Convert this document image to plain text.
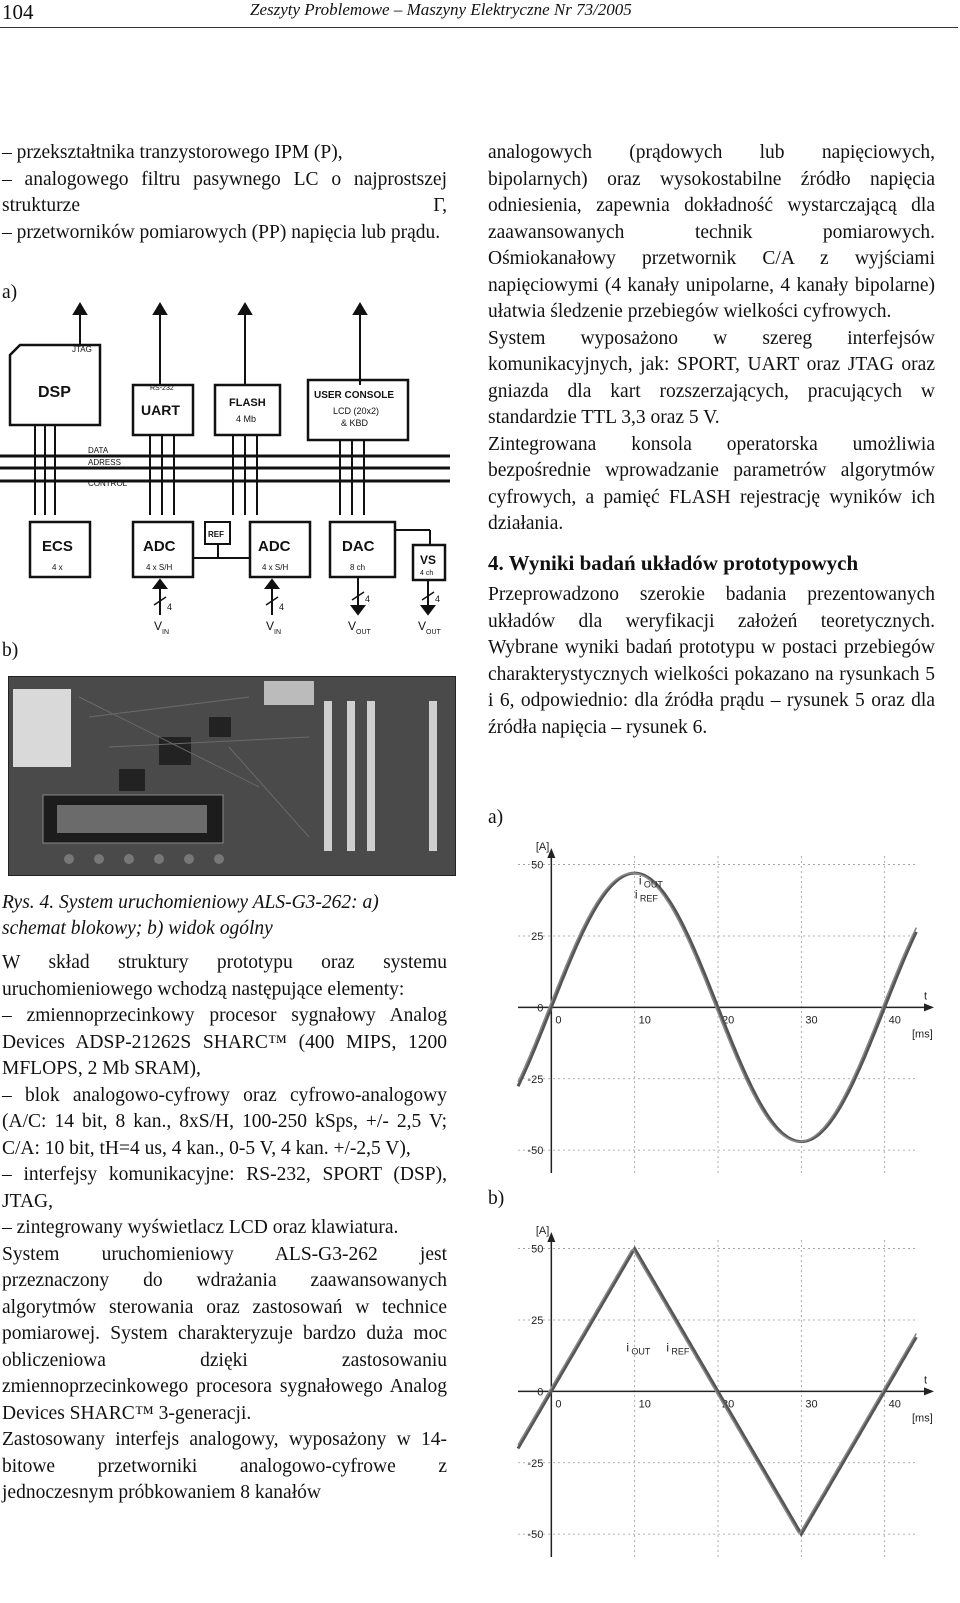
104	Zeszyty Problemowe – Maszyny Elektryczne Nr 73/2005

– przekształtnika tranzystorowego IPM (P),

– analogowego filtru pasywnego LC o najprostszej strukturze Γ,

– przetworników pomiarowych (PP) napięcia lub prądu.

a)
JTAG
DSP	RS-232
UART	FLASH
4 Mb
USER CONSOLE
LCD (20x2)
& KBD
DATA
ADRESS
CONTROL
ECS
4 x
ADC
4 x S/H
REF
ADC
4 x S/H
DAC
8 ch
VS
4 ch
4	4
4	4
V IN	V IN	V OUT	V OUT
b)
Rys. 4. System uruchomieniowy ALS-G3-262: a) schemat blokowy; b) widok ogólny

W skład struktury prototypu oraz systemu uruchomieniowego wchodzą następujące elementy:

– zmiennoprzecinkowy procesor sygnałowy Analog Devices ADSP-21262S SHARC™ (400 MIPS, 1200 MFLOPS, 2 Mb SRAM),

– blok analogowo-cyfrowy oraz cyfrowo-analogowy (A/C: 14 bit, 8 kan., 8xS/H, 100-250 kSps, +/- 2,5 V; C/A: 10 bit, tH=4 us, 4 kan., 0-5 V, 4 kan. +/-2,5 V),

– interfejsy komunikacyjne: RS-232, SPORT (DSP), JTAG,

– zintegrowany wyświetlacz LCD oraz klawiatura.

System uruchomieniowy ALS-G3-262 jest przeznaczony do wdrażania zaawansowanych algorytmów sterowania oraz zastosowań w technice pomiarowej. System charakteryzuje bardzo duża moc obliczeniowa dzięki zastosowaniu zmiennoprzecinkowego procesora sygnałowego Analog Devices SHARC™ 3-generacji.

Zastosowany interfejs analogowy, wyposażony w 14-bitowe przetworniki analogowo-cyfrowe z jednoczesnym próbkowaniem 8 kanałów

analogowych (prądowych lub napięciowych, bipolarnych) oraz wysokostabilne źródło napięcia odniesienia, zapewnia dokładność wystarczającą dla zaawansowanych technik pomiarowych. Ośmiokanałowy przetwornik C/A z wyjściami napięciowymi (4 kanały unipolarne, 4 kanały bipolarne) ułatwia śledzenie przebiegów wielkości cyfrowych.

System wyposażono w szereg interfejsów komunikacyjnych, jak: SPORT, UART oraz JTAG oraz gniazda dla kart rozszerzających, pracujących w standardzie TTL 3,3 oraz 5 V.

Zintegrowana konsola operatorska umożliwia bezpośrednie wprowadzanie parametrów algorytmów cyfrowych, a pamięć FLASH rejestrację wyników ich działania.

4. Wyniki badań układów prototypowych

Przeprowadzono szerokie badania prezentowanych układów dla weryfikacji założeń teoretycznych. Wybrane wyniki badań prototypu w postaci przebiegów charakterystycznych wielkości pokazano na rysunkach 5 i 6, odpowiednio: dla źródła prądu – rysunek 5 oraz dla źródła napięcia – rysunek 6.

a)
b)
-50
-25
0
25
50
0	10	20	30	40
[A]
t
[ms]
i OUT
i REF
-50
-25
0
25
50
0	10	20	30	40
[A]
t
[ms]
i OUT i REF
